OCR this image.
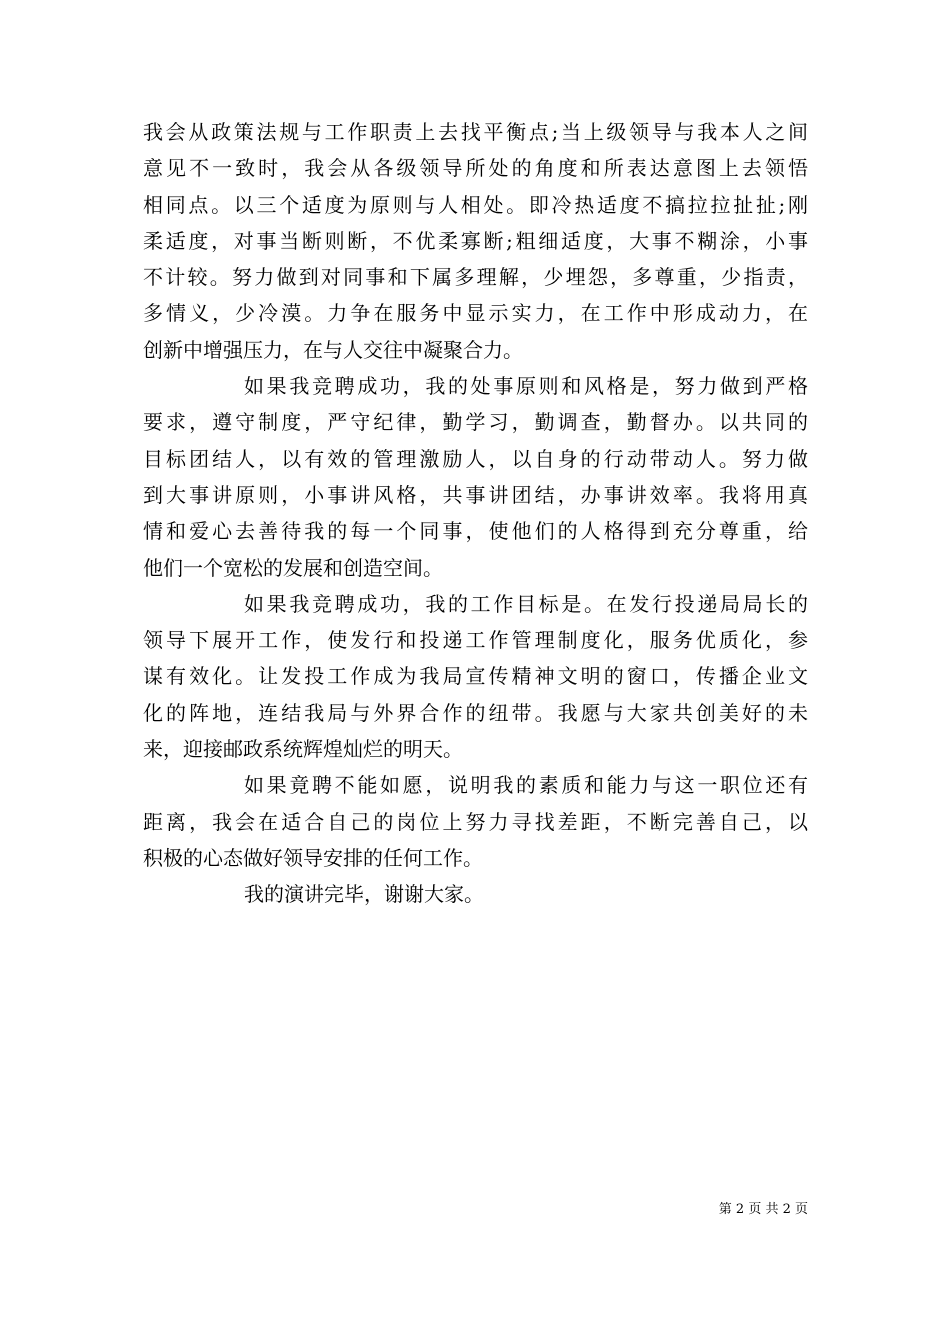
我会从政策法规与工作职责上去找平衡点;当上级领导与我本人之间
意见不一致时，我会从各级领导所处的角度和所表达意图上去领悟
相同点。以三个适度为原则与人相处。即冷热适度不搞拉拉扯扯;刚
柔适度，对事当断则断，不优柔寡断;粗细适度，大事不糊涂，小事
不计较。努力做到对同事和下属多理解，少埋怨，多尊重，少指责，
多情义，少冷漠。力争在服务中显示实力，在工作中形成动力，在
创新中增强压力，在与人交往中凝聚合力。
如果我竞聘成功，我的处事原则和风格是，努力做到严格
要求，遵守制度，严守纪律，勤学习，勤调查，勤督办。以共同的
目标团结人，以有效的管理激励人，以自身的行动带动人。努力做
到大事讲原则，小事讲风格，共事讲团结，办事讲效率。我将用真
情和爱心去善待我的每一个同事，使他们的人格得到充分尊重，给
他们一个宽松的发展和创造空间。
如果我竞聘成功，我的工作目标是。在发行投递局局长的
领导下展开工作，使发行和投递工作管理制度化，服务优质化，参
谋有效化。让发投工作成为我局宣传精神文明的窗口，传播企业文
化的阵地，连结我局与外界合作的纽带。我愿与大家共创美好的未
来，迎接邮政系统辉煌灿烂的明天。
如果竟聘不能如愿，说明我的素质和能力与这一职位还有
距离，我会在适合自己的岗位上努力寻找差距，不断完善自己，以
积极的心态做好领导安排的任何工作。
我的演讲完毕，谢谢大家。
第 2 页 共 2 页
